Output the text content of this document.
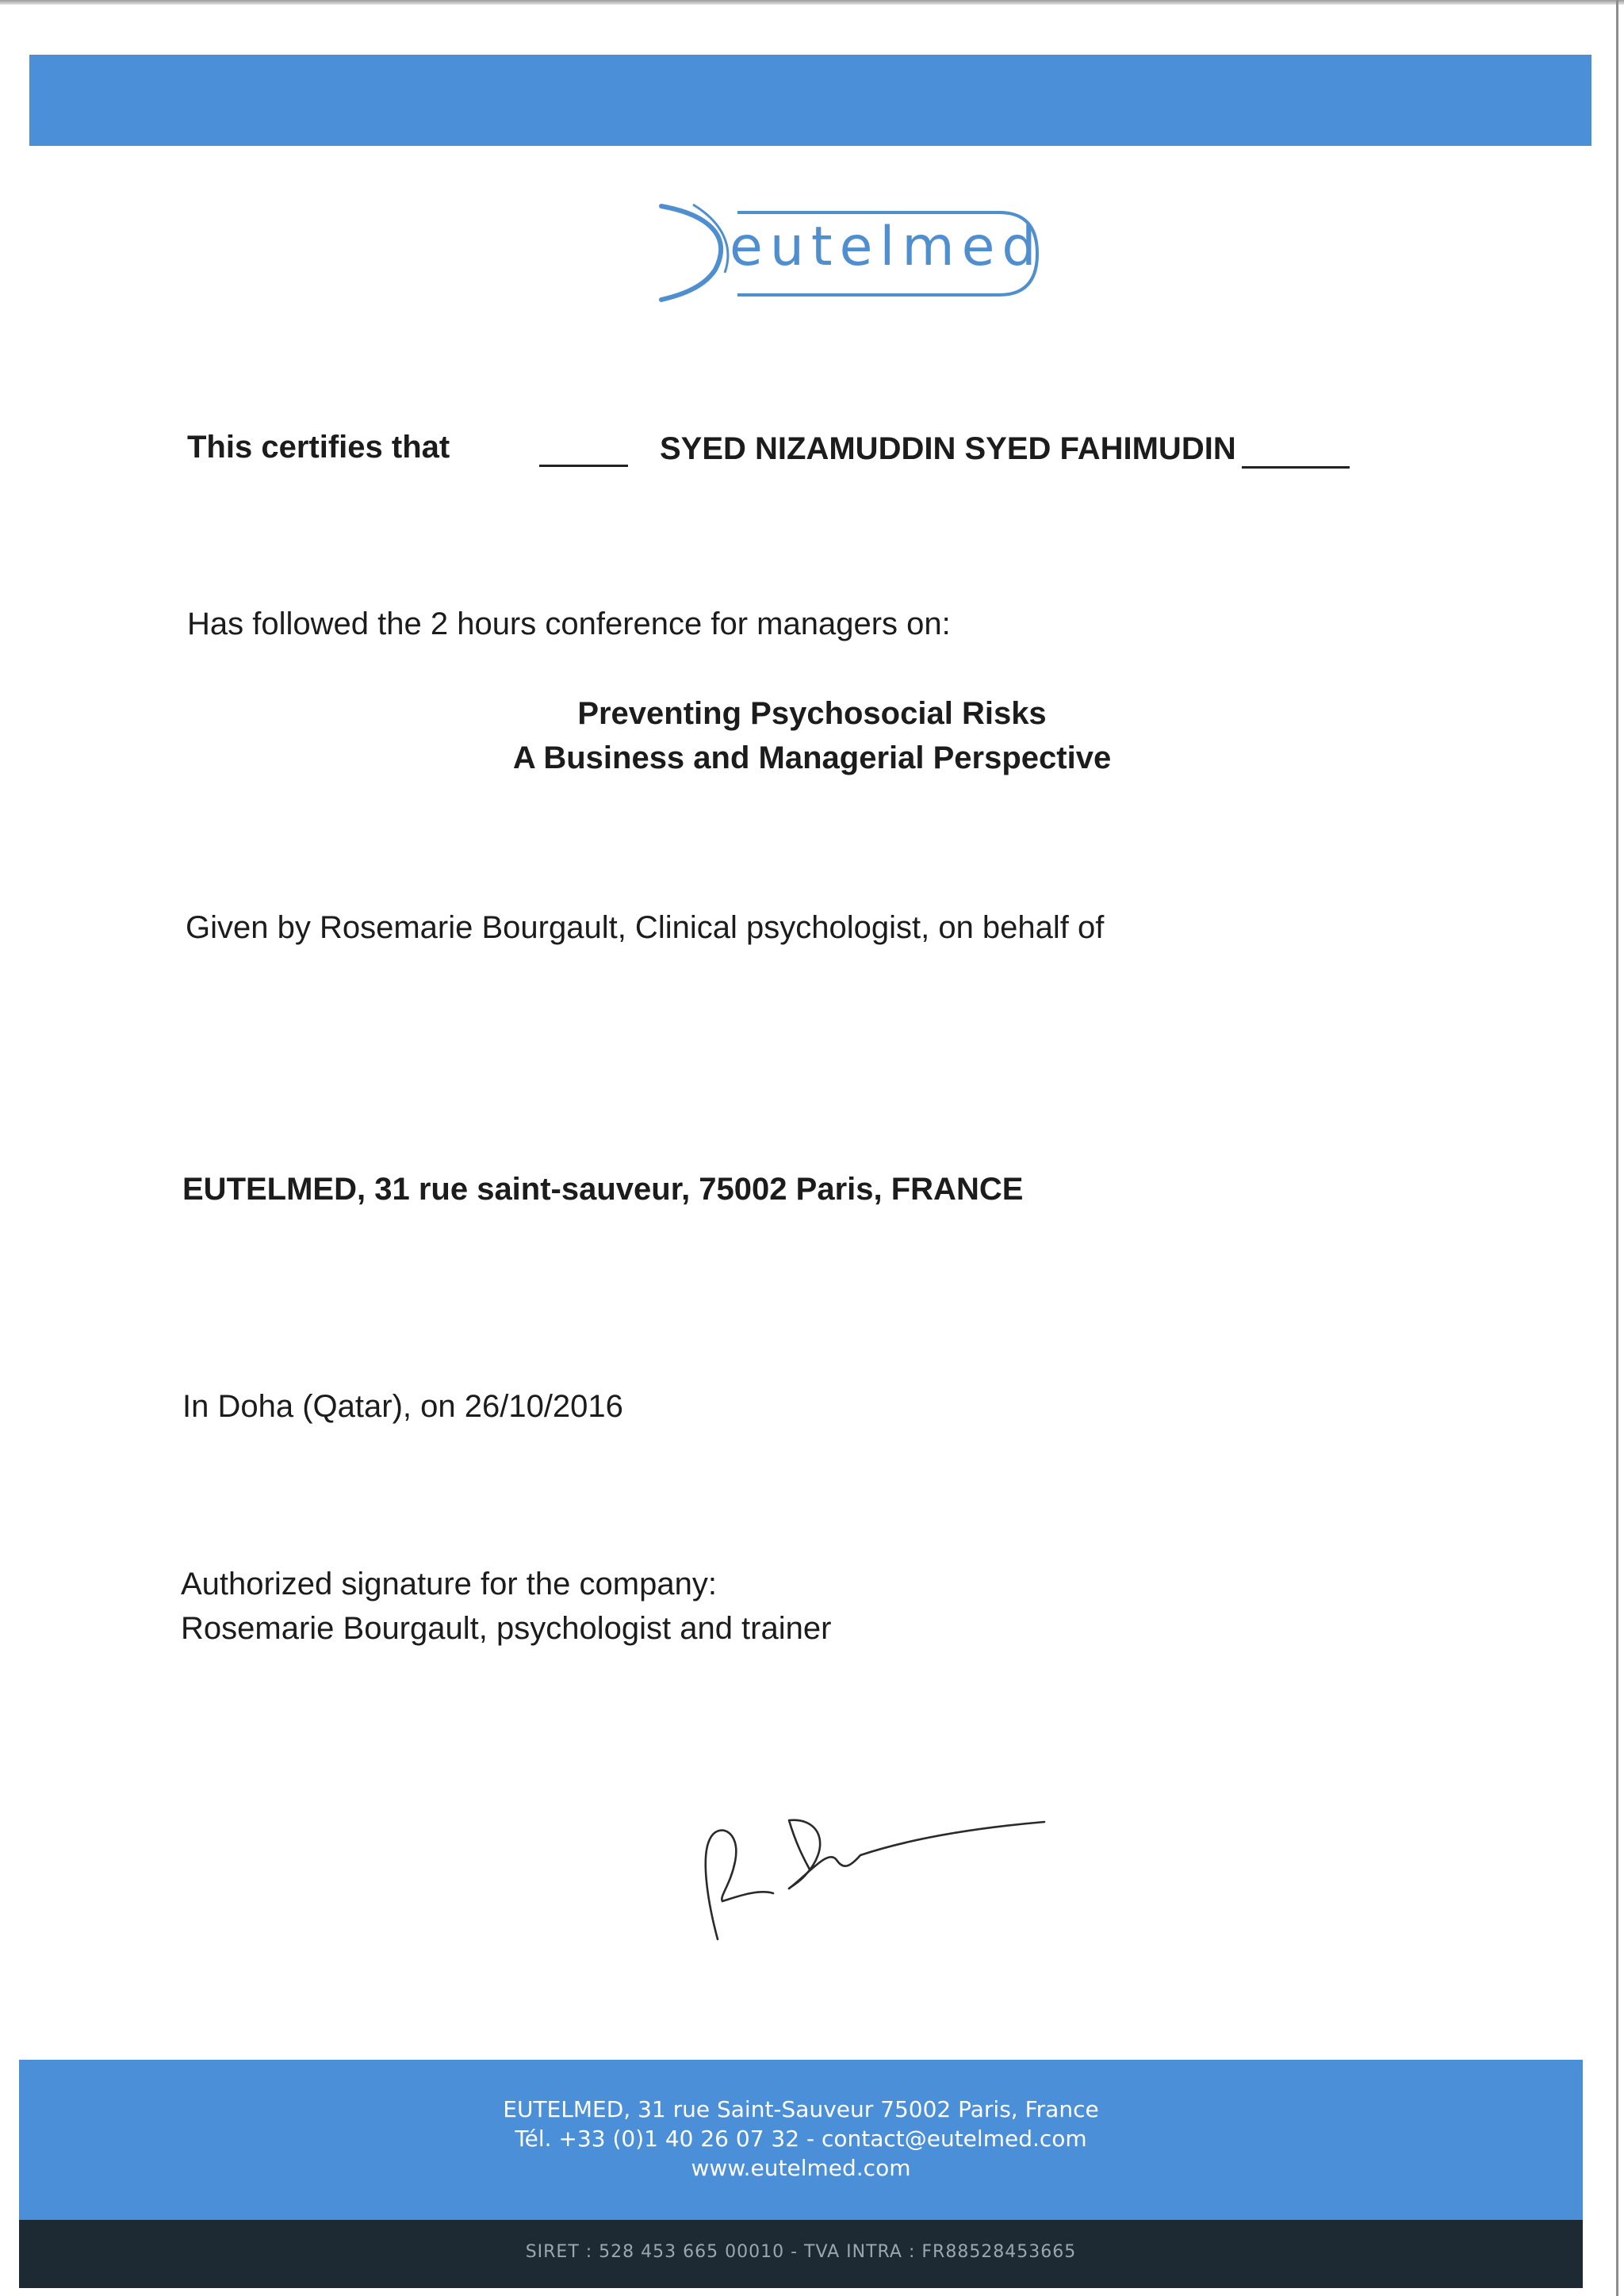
eutelmed
This certifies that	SYED NIZAMUDDIN SYED FAHIMUDIN
Has followed the 2 hours conference for managers on:
Preventing Psychosocial Risks
A Business and Managerial Perspective
Given by Rosemarie Bourgault, Clinical psychologist, on behalf of
EUTELMED, 31 rue saint-sauveur, 75002 Paris, FRANCE
In Doha (Qatar), on 26/10/2016
Authorized signature for the company:
Rosemarie Bourgault, psychologist and trainer
EUTELMED, 31 rue Saint-Sauveur 75002 Paris, France
Tél. +33 (0)1 40 26 07 32 - contact@eutelmed.com
www.eutelmed.com
SIRET : 528 453 665 00010 - TVA INTRA : FR88528453665
